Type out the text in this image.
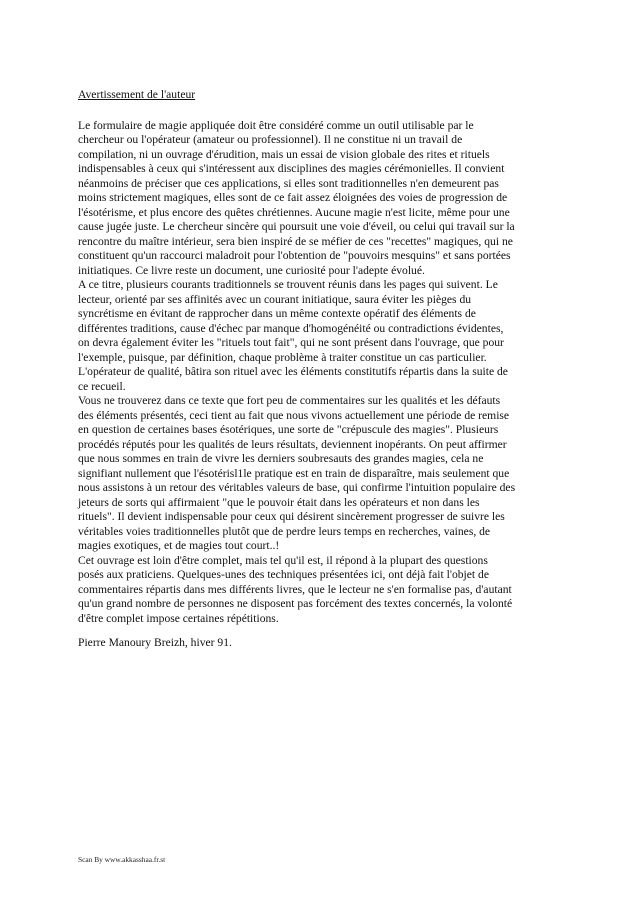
Avertissement de l'auteur

Le formulaire de magie appliquée doit être considéré comme un outil utilisable par le
chercheur ou l'opérateur (amateur ou professionnel). Il ne constitue ni un travail de
compilation, ni un ouvrage d'érudition, mais un essai de vision globale des rites et rituels
indispensables à ceux qui s'intéressent aux disciplines des magies cérémonielles. Il convient
néanmoins de préciser que ces applications, si elles sont traditionnelles n'en demeurent pas
moins strictement magiques, elles sont de ce fait assez éloignées des voies de progression de
l'ésotérisme, et plus encore des quêtes chrétiennes. Aucune magie n'est licite, même pour une
cause jugée juste. Le chercheur sincère qui poursuit une voie d'éveil, ou celui qui travail sur la
rencontre du maître intérieur, sera bien inspiré de se méfier de ces "recettes" magiques, qui ne
constituent qu'un raccourci maladroit pour l'obtention de "pouvoirs mesquins" et sans portées
initiatiques. Ce livre reste un document, une curiosité pour l'adepte évolué.
A ce titre, plusieurs courants traditionnels se trouvent réunis dans les pages qui suivent. Le
lecteur, orienté par ses affinités avec un courant initiatique, saura éviter les pièges du
syncrétisme en évitant de rapprocher dans un même contexte opératif des éléments de
différentes traditions, cause d'échec par manque d'homogénéité ou contradictions évidentes,
on devra également éviter les "rituels tout fait", qui ne sont présent dans l'ouvrage, que pour
l'exemple, puisque, par définition, chaque problème à traiter constitue un cas particulier.
L'opérateur de qualité, bâtira son rituel avec les éléments constitutifs répartis dans la suite de
ce recueil.
Vous ne trouverez dans ce texte que fort peu de commentaires sur les qualités et les défauts
des éléments présentés, ceci tient au fait que nous vivons actuellement une période de remise
en question de certaines bases ésotériques, une sorte de "crépuscule des magies". Plusieurs
procédés réputés pour les qualités de leurs résultats, deviennent inopérants. On peut affirmer
que nous sommes en train de vivre les derniers soubresauts des grandes magies, cela ne
signifiant nullement que l'ésotérisl1le pratique est en train de disparaître, mais seulement que
nous assistons à un retour des véritables valeurs de base, qui confirme l'intuition populaire des
jeteurs de sorts qui affirmaient "que le pouvoir était dans les opérateurs et non dans les
rituels". Il devient indispensable pour ceux qui désirent sincèrement progresser de suivre les
véritables voies traditionnelles plutôt que de perdre leurs temps en recherches, vaines, de
magies exotiques, et de magies tout court..!
Cet ouvrage est loin d'être complet, mais tel qu'il est, il répond à la plupart des questions
posés aux praticiens. Quelques-unes des techniques présentées ici, ont déjà fait l'objet de
commentaires répartis dans mes différents livres, que le lecteur ne s'en formalise pas, d'autant
qu'un grand nombre de personnes ne disposent pas forcément des textes concernés, la volonté
d'être complet impose certaines répétitions.

Pierre Manoury Breizh, hiver 91.

Scan By www.akkasshaa.fr.st
